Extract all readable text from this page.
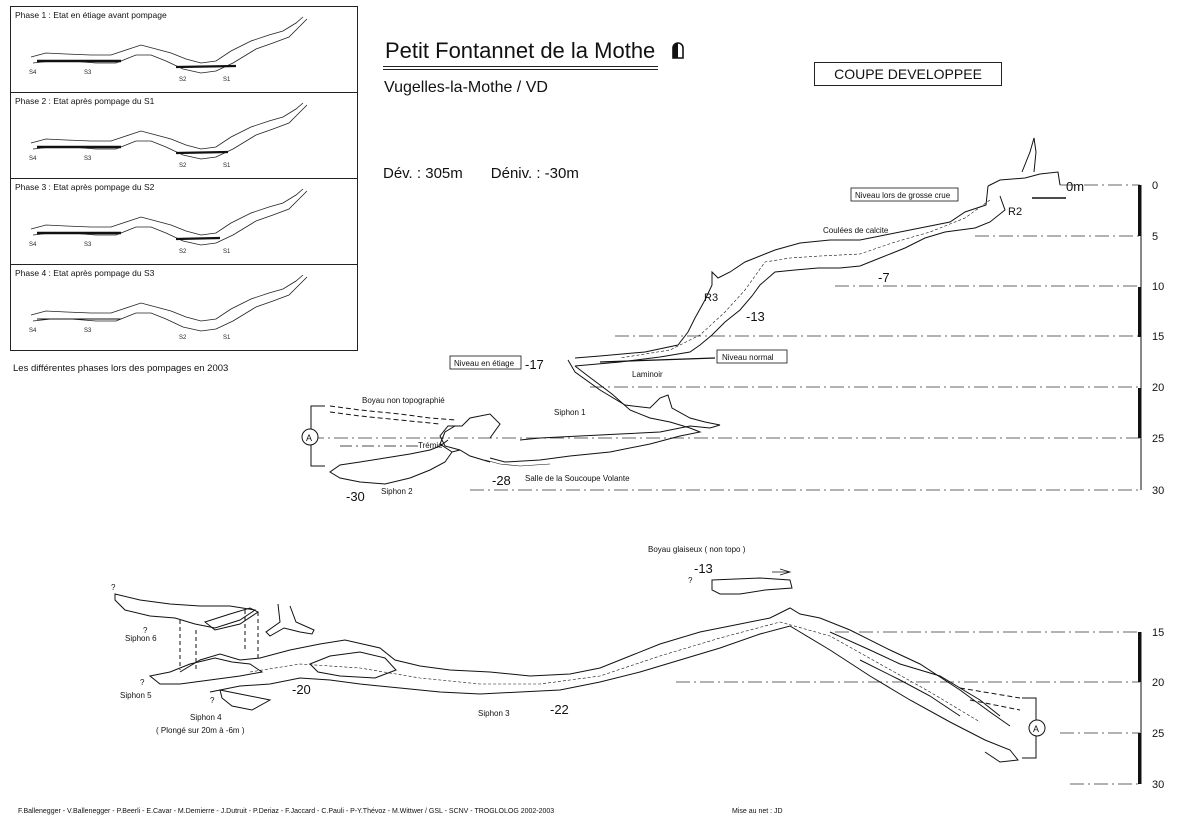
Phase 1 : Etat en étiage avant pompage
Phase 2 : Etat après pompage du S1
Phase 3 : Etat après pompage du S2
Phase 4 : Etat après pompage du S3
S4	S3
S2	S1
S4	S3
S2	S1
S4	S3
S2	S1
S4	S3
S2	S1
Les différentes phases lors des pompages en 2003
Petit Fontannet de la Mothe
Vugelles-la-Mothe / VD
COUPE DEVELOPPEE
Dév. : 305m Déniv. : -30m
Niveau lors de grosse crue
0m
R2
Coulées de calcite
-7
R3
-13
Niveau en étiage -17	Niveau normal
Laminoir
Boyau non topographié
Siphon 1
Trémie
A
-28 Salle de la Soucoupe Volante
-30 Siphon 2
0
5
10
15
20
25
30
Boyau glaiseux ( non topo )
-13
?
?
?
Siphon 6
?
Siphon 5
?
Siphon 4
( Plongé sur 20m à -6m )
-20
Siphon 3	-22
A
15
20
25
30
F.Ballenegger - V.Ballenegger - P.Beerli - E.Cavar - M.Demierre - J.Dutruit - P.Deriaz - F.Jaccard - C.Pauli - P-Y.Thévoz - M.Wittwer / GSL - SCNV - TROGLOLOG 2002-2003	Mise au net : JD
